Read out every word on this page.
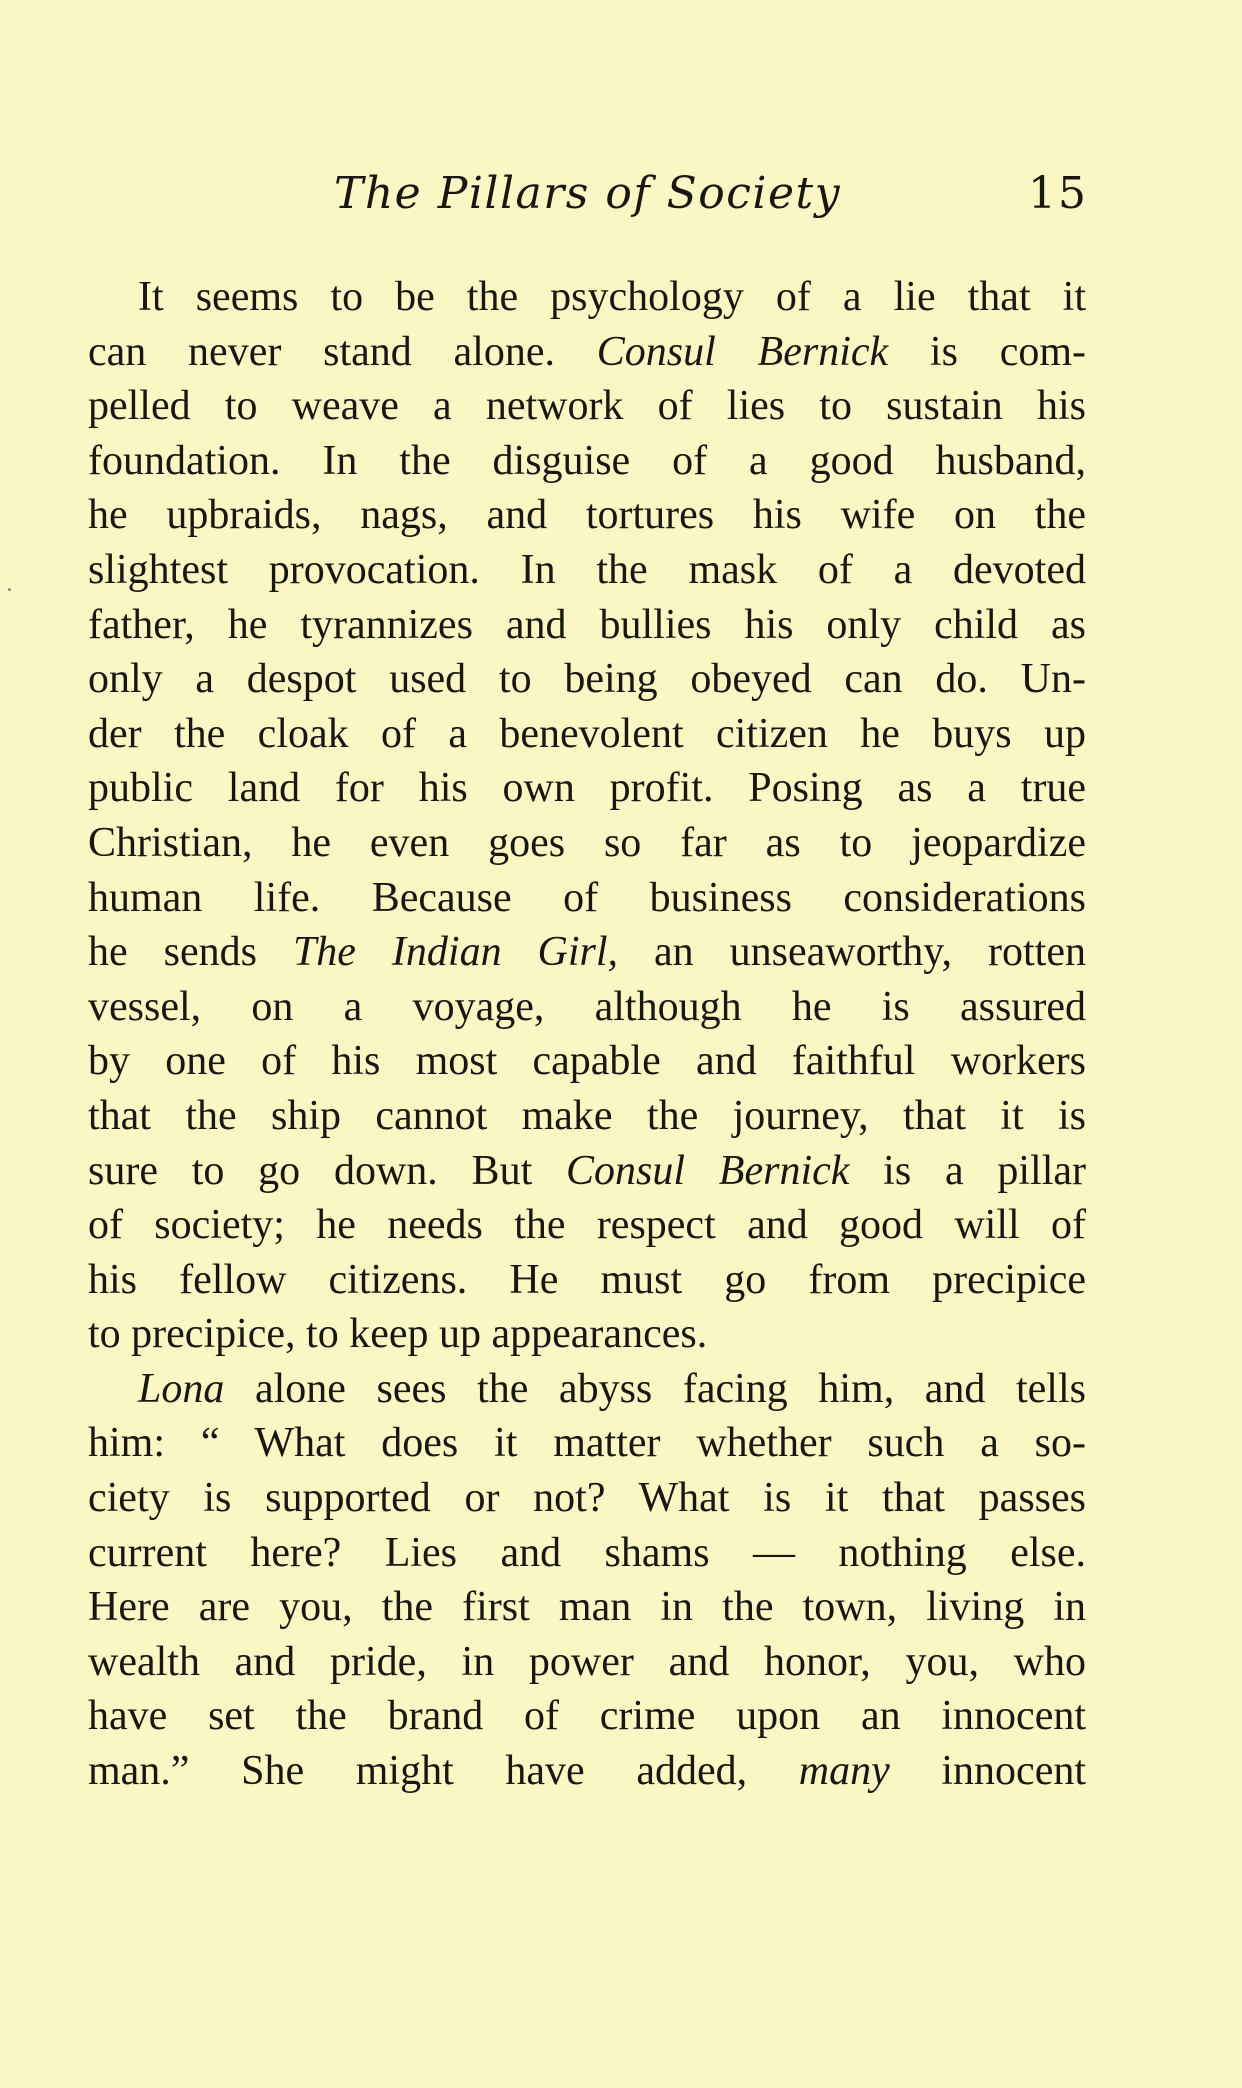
The Pillars of Society	15
It seems to be the psychology of a lie that it
can never stand alone. Consul Bernick is com-
pelled to weave a network of lies to sustain his
foundation. In the disguise of a good husband,
he upbraids, nags, and tortures his wife on the
slightest provocation. In the mask of a devoted
father, he tyrannizes and bullies his only child as
only a despot used to being obeyed can do. Un-
der the cloak of a benevolent citizen he buys up
public land for his own profit. Posing as a true
Christian, he even goes so far as to jeopardize
human life. Because of business considerations
he sends The Indian Girl, an unseaworthy, rotten
vessel, on a voyage, although he is assured
by one of his most capable and faithful workers
that the ship cannot make the journey, that it is
sure to go down. But Consul Bernick is a pillar
of society; he needs the respect and good will of
his fellow citizens. He must go from precipice
to precipice, to keep up appearances.
Lona alone sees the abyss facing him, and tells
him: “ What does it matter whether such a so-
ciety is supported or not? What is it that passes
current here? Lies and shams — nothing else.
Here are you, the first man in the town, living in
wealth and pride, in power and honor, you, who
have set the brand of crime upon an innocent
man.” She might have added, many innocent
